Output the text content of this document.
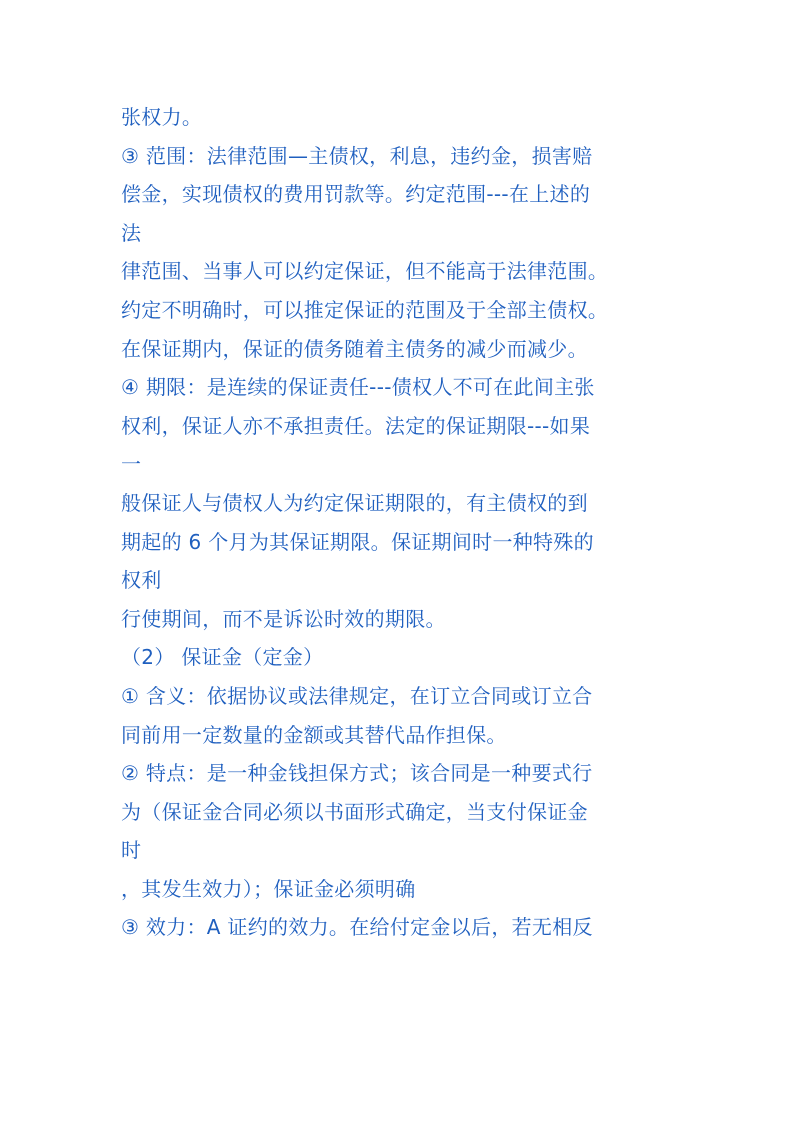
张权力。
③ 范围：法律范围—主债权，利息，违约金，损害赔
偿金，实现债权的费用罚款等。约定范围---在上述的
法
律范围、当事人可以约定保证，但不能高于法律范围。
约定不明确时，可以推定保证的范围及于全部主债权。
在保证期内，保证的债务随着主债务的减少而减少。
④ 期限：是连续的保证责任---债权人不可在此间主张
权利，保证人亦不承担责任。法定的保证期限---如果
一
般保证人与债权人为约定保证期限的，有主债权的到
期起的 6 个月为其保证期限。保证期间时一种特殊的
权利
行使期间，而不是诉讼时效的期限。
（2） 保证金（定金）
① 含义：依据协议或法律规定，在订立合同或订立合
同前用一定数量的金额或其替代品作担保。
② 特点：是一种金钱担保方式；该合同是一种要式行
为（保证金合同必须以书面形式确定，当支付保证金
时
，其发生效力）；保证金必须明确
③ 效力：A 证约的效力。在给付定金以后，若无相反
